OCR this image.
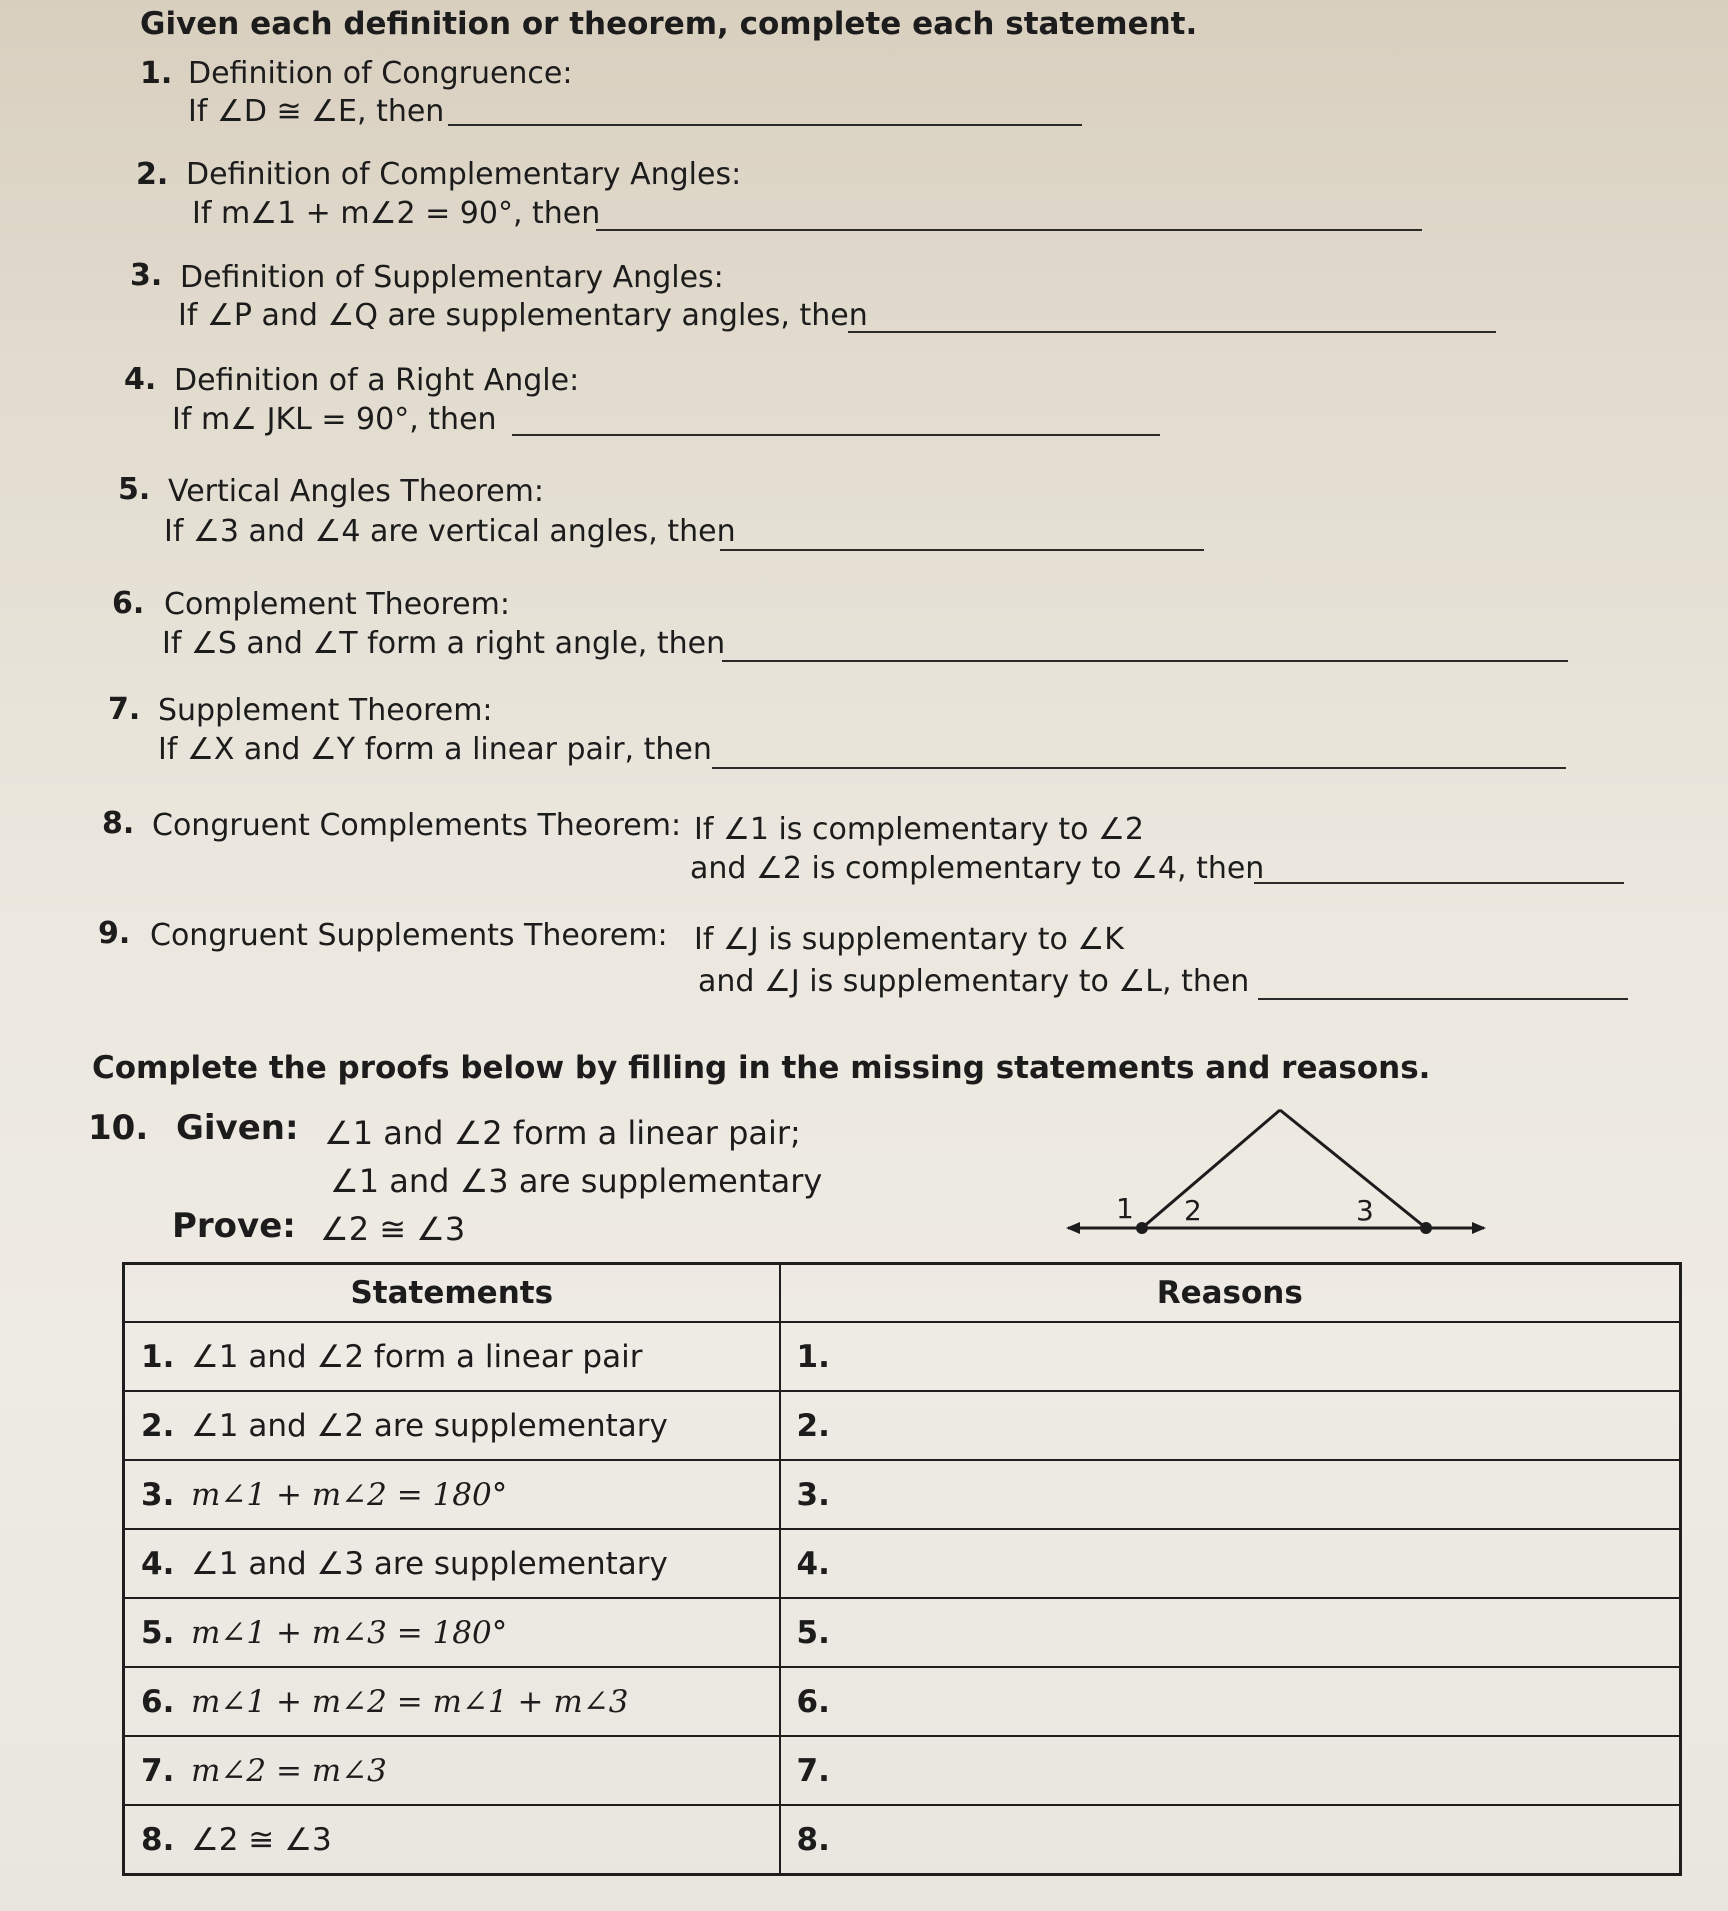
Given each definition or theorem, complete each statement.
1. Definition of Congruence:
If ∠D ≅ ∠E, then
2. Definition of Complementary Angles:
If m∠1 + m∠2 = 90°, then
3. Definition of Supplementary Angles:
If ∠P and ∠Q are supplementary angles, then
4. Definition of a Right Angle:
If m∠ JKL = 90°, then
5. Vertical Angles Theorem:
If ∠3 and ∠4 are vertical angles, then
6. Complement Theorem:
If ∠S and ∠T form a right angle, then
7. Supplement Theorem:
If ∠X and ∠Y form a linear pair, then
8. Congruent Complements Theorem: If ∠1 is complementary to ∠2
and ∠2 is complementary to ∠4, then
9. Congruent Supplements Theorem: If ∠J is supplementary to ∠K
and ∠J is supplementary to ∠L, then
Complete the proofs below by filling in the missing statements and reasons.
10. Given: ∠1 and ∠2 form a linear pair;
∠1 and ∠3 are supplementary
Prove: ∠2 ≅ ∠3
1 2	3
Statements	Reasons
1. ∠1 and ∠2 form a linear pair	1.
2. ∠1 and ∠2 are supplementary	2.
3. m∠1 + m∠2 = 180°	3.
4. ∠1 and ∠3 are supplementary	4.
5. m∠1 + m∠3 = 180°	5.
6. m∠1 + m∠2 = m∠1 + m∠3	6.
7. m∠2 = m∠3	7.
8. ∠2 ≅ ∠3	8.
